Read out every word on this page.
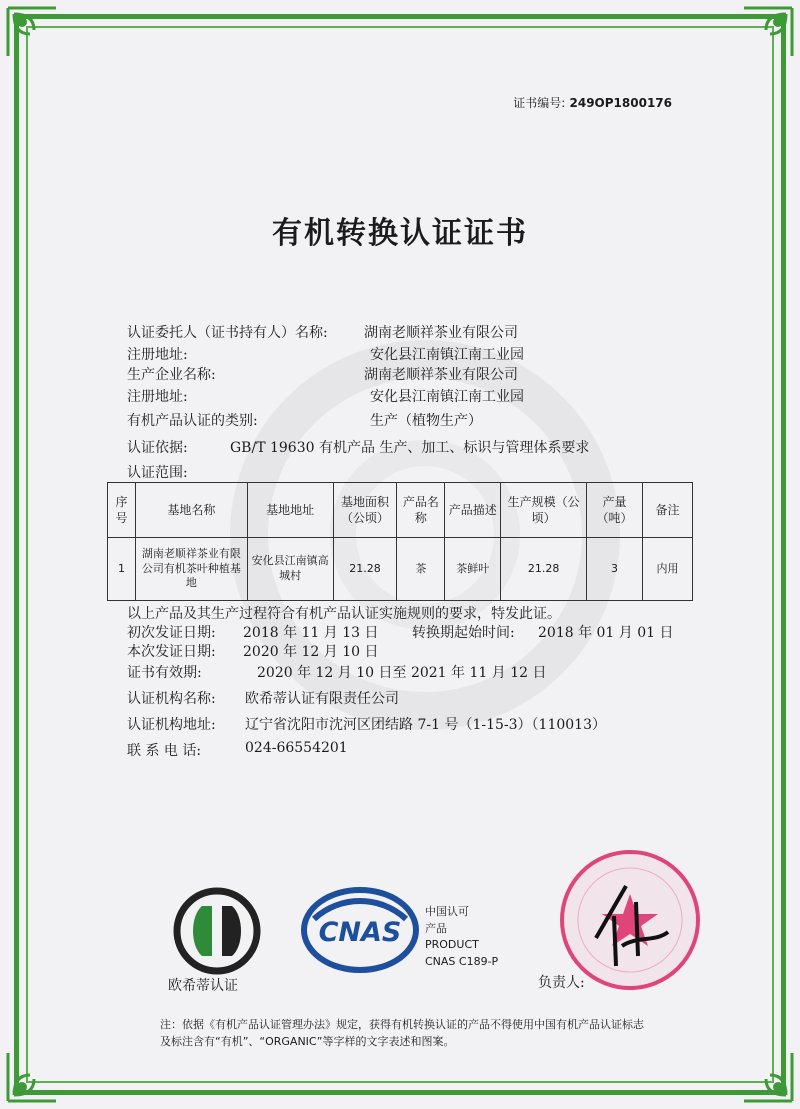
证书编号: 249OP1800176
有机转换认证证书
认证委托人（证书持有人）名称:	湖南老顺祥茶业有限公司
注册地址:	安化县江南镇江南工业园
生产企业名称:	湖南老顺祥茶业有限公司
注册地址:	安化县江南镇江南工业园
有机产品认证的类别:	生产（植物生产）
认证依据:	GB/T 19630 有机产品 生产、加工、标识与管理体系要求
认证范围:
序号	基地名称	基地地址	基地面积（公顷）	产品名称	产品描述	生产规模（公顷）	产量（吨）	备注
1	湖南老顺祥茶业有限公司有机茶叶种植基地	安化县江南镇高城村	21.28	茶	茶鲜叶	21.28	3	内用
以上产品及其生产过程符合有机产品认证实施规则的要求，特发此证。
初次发证日期: 2018 年 11 月 13 日 转换期起始时间: 2018 年 01 月 01 日
本次发证日期: 2020 年 12 月 10 日
证书有效期:	2020 年 12 月 10 日至 2021 年 11 月 12 日
认证机构名称: 欧希蒂认证有限责任公司
认证机构地址: 辽宁省沈阳市沈河区团结路 7-1 号（1-15-3）（110013）
联 系 电 话:	024-66554201
欧希蒂认证
CNAS
中国认可
产品
PRODUCT
CNAS C189-P
负责人:
注：依据《有机产品认证管理办法》规定，获得有机转换认证的产品不得使用中国有机产品认证标志及标注含有“有机”、“ORGANIC”等字样的文字表述和图案。
